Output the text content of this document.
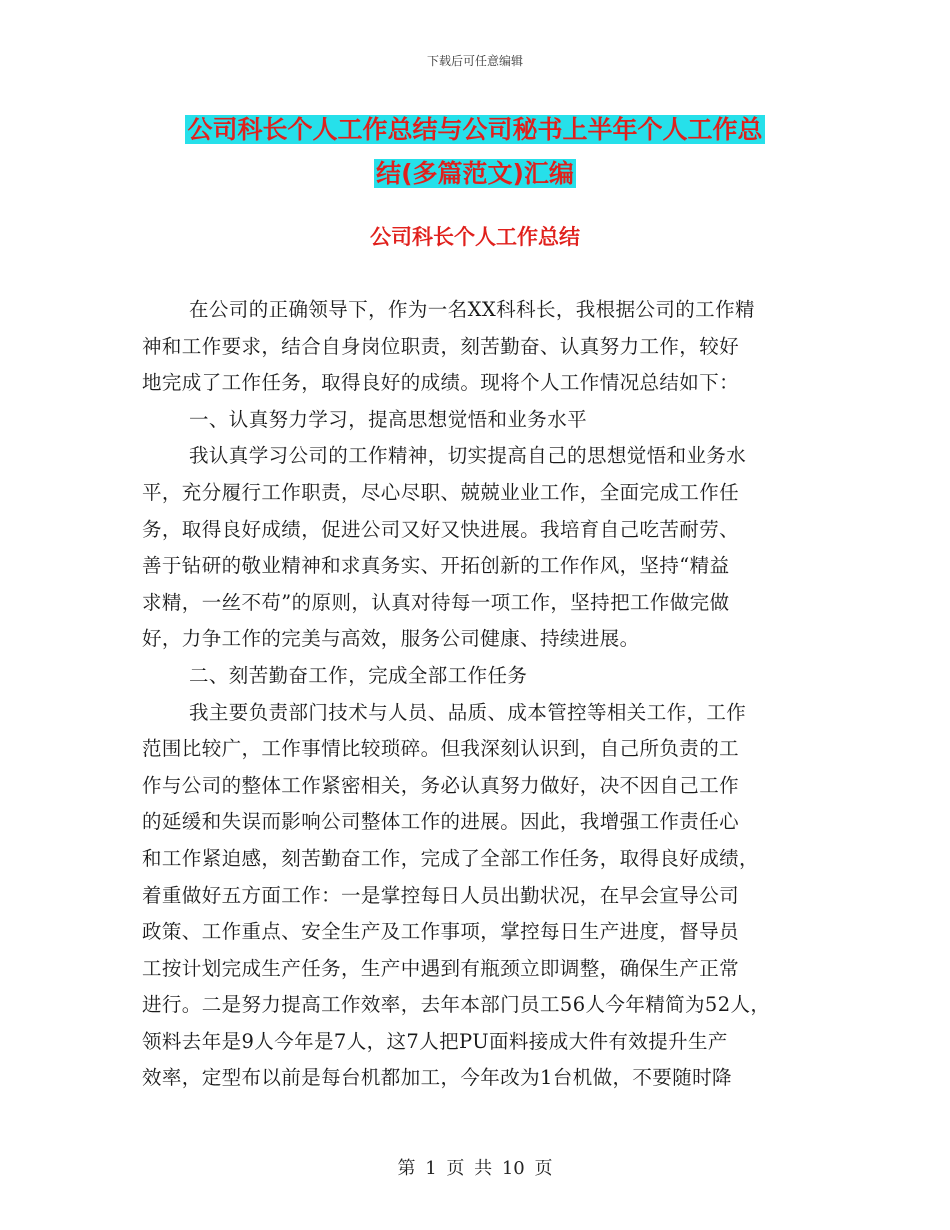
下载后可任意编辑
公司科长个人工作总结与公司秘书上半年个人工作总
结(多篇范文)汇编
公司科长个人工作总结
在公司的正确领导下，作为一名XX科科长，我根据公司的工作精
神和工作要求，结合自身岗位职责，刻苦勤奋、认真努力工作，较好
地完成了工作任务，取得良好的成绩。现将个人工作情况总结如下：
一、认真努力学习，提高思想觉悟和业务水平
我认真学习公司的工作精神，切实提高自己的思想觉悟和业务水
平，充分履行工作职责，尽心尽职、兢兢业业工作，全面完成工作任
务，取得良好成绩，促进公司又好又快进展。我培育自己吃苦耐劳、
善于钻研的敬业精神和求真务实、开拓创新的工作作风，坚持“精益
求精，一丝不苟”的原则，认真对待每一项工作，坚持把工作做完做
好，力争工作的完美与高效，服务公司健康、持续进展。
二、刻苦勤奋工作，完成全部工作任务
我主要负责部门技术与人员、品质、成本管控等相关工作，工作
范围比较广，工作事情比较琐碎。但我深刻认识到，自己所负责的工
作与公司的整体工作紧密相关，务必认真努力做好，决不因自己工作
的延缓和失误而影响公司整体工作的进展。因此，我增强工作责任心
和工作紧迫感，刻苦勤奋工作，完成了全部工作任务，取得良好成绩，
着重做好五方面工作：一是掌控每日人员出勤状况，在早会宣导公司
政策、工作重点、安全生产及工作事项，掌控每日生产进度，督导员
工按计划完成生产任务，生产中遇到有瓶颈立即调整，确保生产正常
进行。二是努力提高工作效率，去年本部门员工56人今年精简为52人，
领料去年是9人今年是7人，这7人把PU面料接成大件有效提升生产
效率，定型布以前是每台机都加工，今年改为1台机做，不要随时降
第 1 页 共 10 页
